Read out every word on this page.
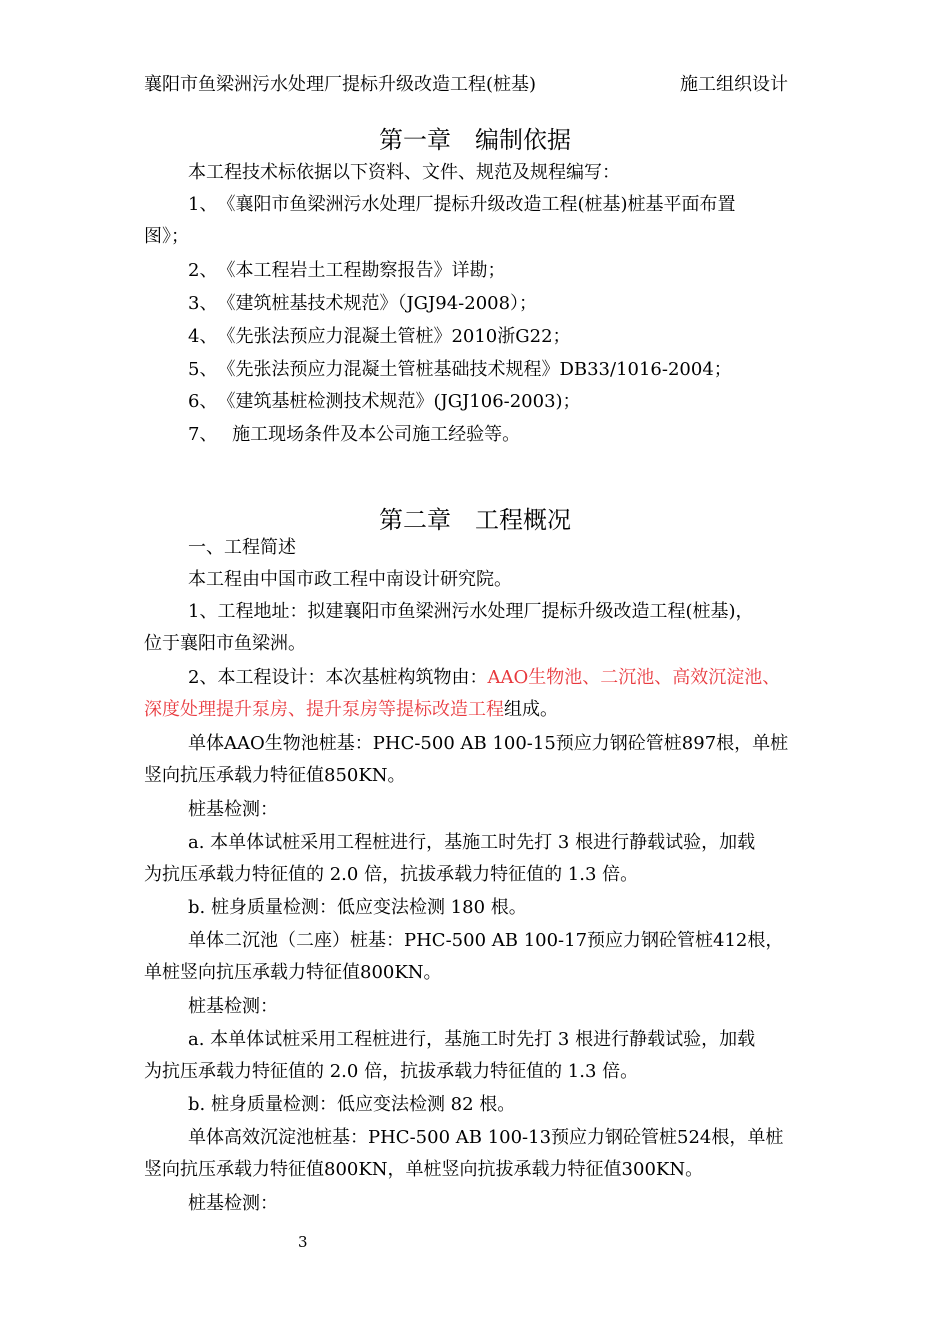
襄阳市鱼梁洲污水处理厂提标升级改造工程(桩基)	施工组织设计
第一章　编制依据
本工程技术标依据以下资料、文件、规范及规程编写：
1、　《襄阳市鱼梁洲污水处理厂提标升级改造工程(桩基)桩基平面布置
图》；
2、　《本工程岩土工程勘察报告》详勘；
3、　《建筑桩基技术规范》（JGJ94-2008）；
4、　《先张法预应力混凝土管桩》2010浙G22；
5、　《先张法预应力混凝土管桩基础技术规程》DB33/1016-2004；
6、　《建筑基桩检测技术规范》(JGJ106-2003)；
7、　 施工现场条件及本公司施工经验等。
第二章　工程概况
一、工程简述
本工程由中国市政工程中南设计研究院。
1、工程地址：拟建襄阳市鱼梁洲污水处理厂提标升级改造工程(桩基)，
位于襄阳市鱼梁洲。
2、本工程设计：本次基桩构筑物由：AAO生物池、二沉池、高效沉淀池、
深度处理提升泵房、提升泵房等提标改造工程组成。
单体AAO生物池桩基：PHC-500 AB 100-15预应力钢砼管桩897根，单桩
竖向抗压承载力特征值850KN。
桩基检测：
a. 本单体试桩采用工程桩进行，基施工时先打 3 根进行静载试验，加载
为抗压承载力特征值的 2.0 倍，抗拔承载力特征值的 1.3 倍。
b. 桩身质量检测：低应变法检测 180 根。
单体二沉池（二座）桩基：PHC-500 AB 100-17预应力钢砼管桩412根，
单桩竖向抗压承载力特征值800KN。
桩基检测：
a. 本单体试桩采用工程桩进行，基施工时先打 3 根进行静载试验，加载
为抗压承载力特征值的 2.0 倍，抗拔承载力特征值的 1.3 倍。
b. 桩身质量检测：低应变法检测 82 根。
单体高效沉淀池桩基：PHC-500 AB 100-13预应力钢砼管桩524根，单桩
竖向抗压承载力特征值800KN，单桩竖向抗拔承载力特征值300KN。
桩基检测：
3
